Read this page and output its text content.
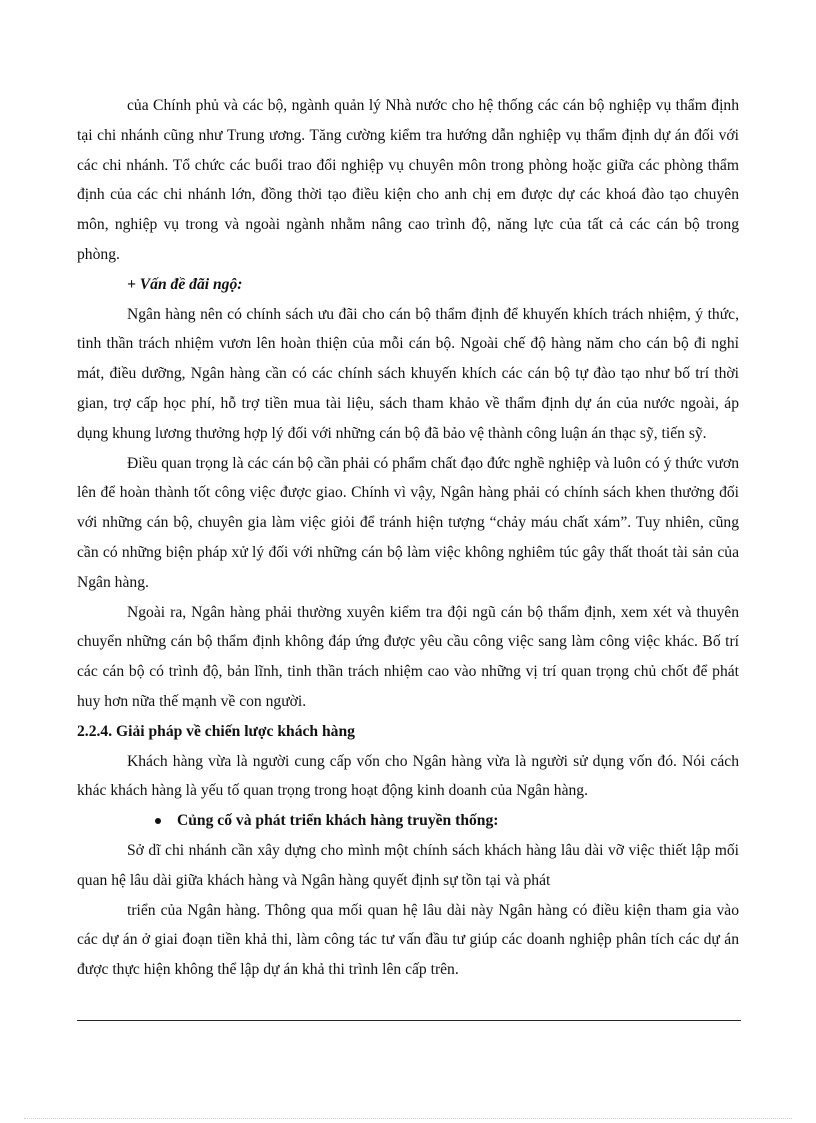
của Chính phủ và các bộ, ngành quản lý Nhà nước cho hệ thống các cán bộ nghiệp vụ thẩm định tại chi nhánh cũng như Trung ương. Tăng cường kiểm tra hướng dẫn nghiệp vụ thẩm định dự án đối với các chi nhánh. Tổ chức các buổi trao đổi nghiệp vụ chuyên môn trong phòng hoặc giữa các phòng thẩm định của các chi nhánh lớn, đồng thời tạo điều kiện cho anh chị em được dự các khoá đào tạo chuyên môn, nghiệp vụ trong và ngoài ngành nhằm nâng cao trình độ, năng lực của tất cả các cán bộ trong phòng.

+ Vấn đề đãi ngộ:

Ngân hàng nên có chính sách ưu đãi cho cán bộ thẩm định để khuyến khích trách nhiệm, ý thức, tinh thần trách nhiệm vươn lên hoàn thiện của mỗi cán bộ. Ngoài chế độ hàng năm cho cán bộ đi nghỉ mát, điều dưỡng, Ngân hàng cần có các chính sách khuyến khích các cán bộ tự đào tạo như bố trí thời gian, trợ cấp học phí, hỗ trợ tiền mua tài liệu, sách tham khảo về thẩm định dự án của nước ngoài, áp dụng khung lương thưởng hợp lý đối với những cán bộ đã bảo vệ thành công luận án thạc sỹ, tiến sỹ.

Điều quan trọng là các cán bộ cần phải có phẩm chất đạo đức nghề nghiệp và luôn có ý thức vươn lên để hoàn thành tốt công việc được giao. Chính vì vậy, Ngân hàng phải có chính sách khen thưởng đối với những cán bộ, chuyên gia làm việc giỏi để tránh hiện tượng “chảy máu chất xám”. Tuy nhiên, cũng cần có những biện pháp xử lý đối với những cán bộ làm việc không nghiêm túc gây thất thoát tài sản của Ngân hàng.

Ngoài ra, Ngân hàng phải thường xuyên kiểm tra đội ngũ cán bộ thẩm định, xem xét và thuyên chuyển những cán bộ thẩm định không đáp ứng được yêu cầu công việc sang làm công việc khác. Bố trí các cán bộ có trình độ, bản lĩnh, tinh thần trách nhiệm cao vào những vị trí quan trọng chủ chốt để phát huy hơn nữa thế mạnh về con người.

2.2.4. Giải pháp về chiến lược khách hàng

Khách hàng vừa là người cung cấp vốn cho Ngân hàng vừa là người sử dụng vốn đó. Nói cách khác khách hàng là yếu tố quan trọng trong hoạt động kinh doanh của Ngân hàng.

Củng cố và phát triển khách hàng truyền thống:

Sở dĩ chi nhánh cần xây dựng cho mình một chính sách khách hàng lâu dài vỡ việc thiết lập mối quan hệ lâu dài giữa khách hàng và Ngân hàng quyết định sự tồn tại và phát

triển của Ngân hàng. Thông qua mối quan hệ lâu dài này Ngân hàng có điều kiện tham gia vào các dự án ở giai đoạn tiền khả thi, làm công tác tư vấn đầu tư giúp các doanh nghiệp phân tích các dự án được thực hiện không thể lập dự án khả thi trình lên cấp trên.
